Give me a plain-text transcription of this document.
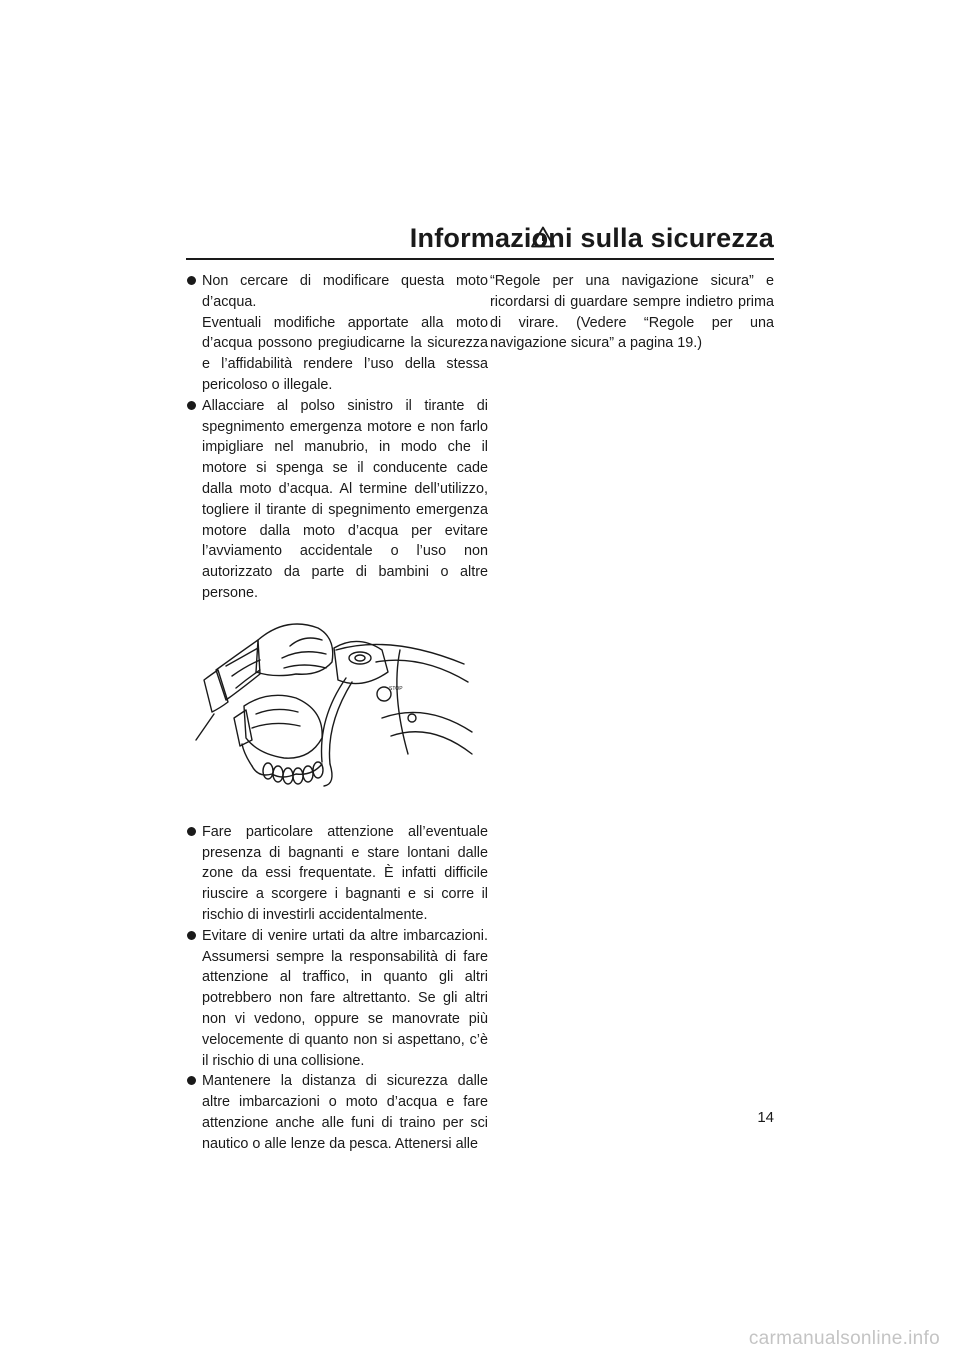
Informazioni sulla sicurezza

Non cercare di modificare questa moto d’acqua.

Eventuali modifiche apportate alla moto d’acqua possono pregiudicarne la sicurezza e l’affidabilità rendere l’uso della stessa pericoloso o illegale.

Allacciare al polso sinistro il tirante di spegnimento emergenza motore e non farlo impigliare nel manubrio, in modo che il motore si spenga se il conducente cade dalla moto d’acqua. Al termine dell’utilizzo, togliere il tirante di spegnimento emergenza motore dalla moto d’acqua per evitare l’avviamento accidentale o l’uso non autorizzato da parte di bambini o altre persone.

STOP

Fare particolare attenzione all’eventuale presenza di bagnanti e stare lontani dalle zone da essi frequentate. È infatti difficile riuscire a scorgere i bagnanti e si corre il rischio di investirli accidentalmente.

Evitare di venire urtati da altre imbarcazioni. Assumersi sempre la responsabilità di fare attenzione al traffico, in quanto gli altri potrebbero non fare altrettanto. Se gli altri non vi vedono, oppure se manovrate più velocemente di quanto non si aspettano, c’è il rischio di una collisione.

Mantenere la distanza di sicurezza dalle altre imbarcazioni o moto d’acqua e fare attenzione anche alle funi di traino per sci nautico o alle lenze da pesca. Attenersi alle

“Regole per una navigazione sicura” e ricordarsi di guardare sempre indietro prima di virare. (Vedere “Regole per una navigazione sicura” a pagina 19.)

14
carmanualsonline.info
